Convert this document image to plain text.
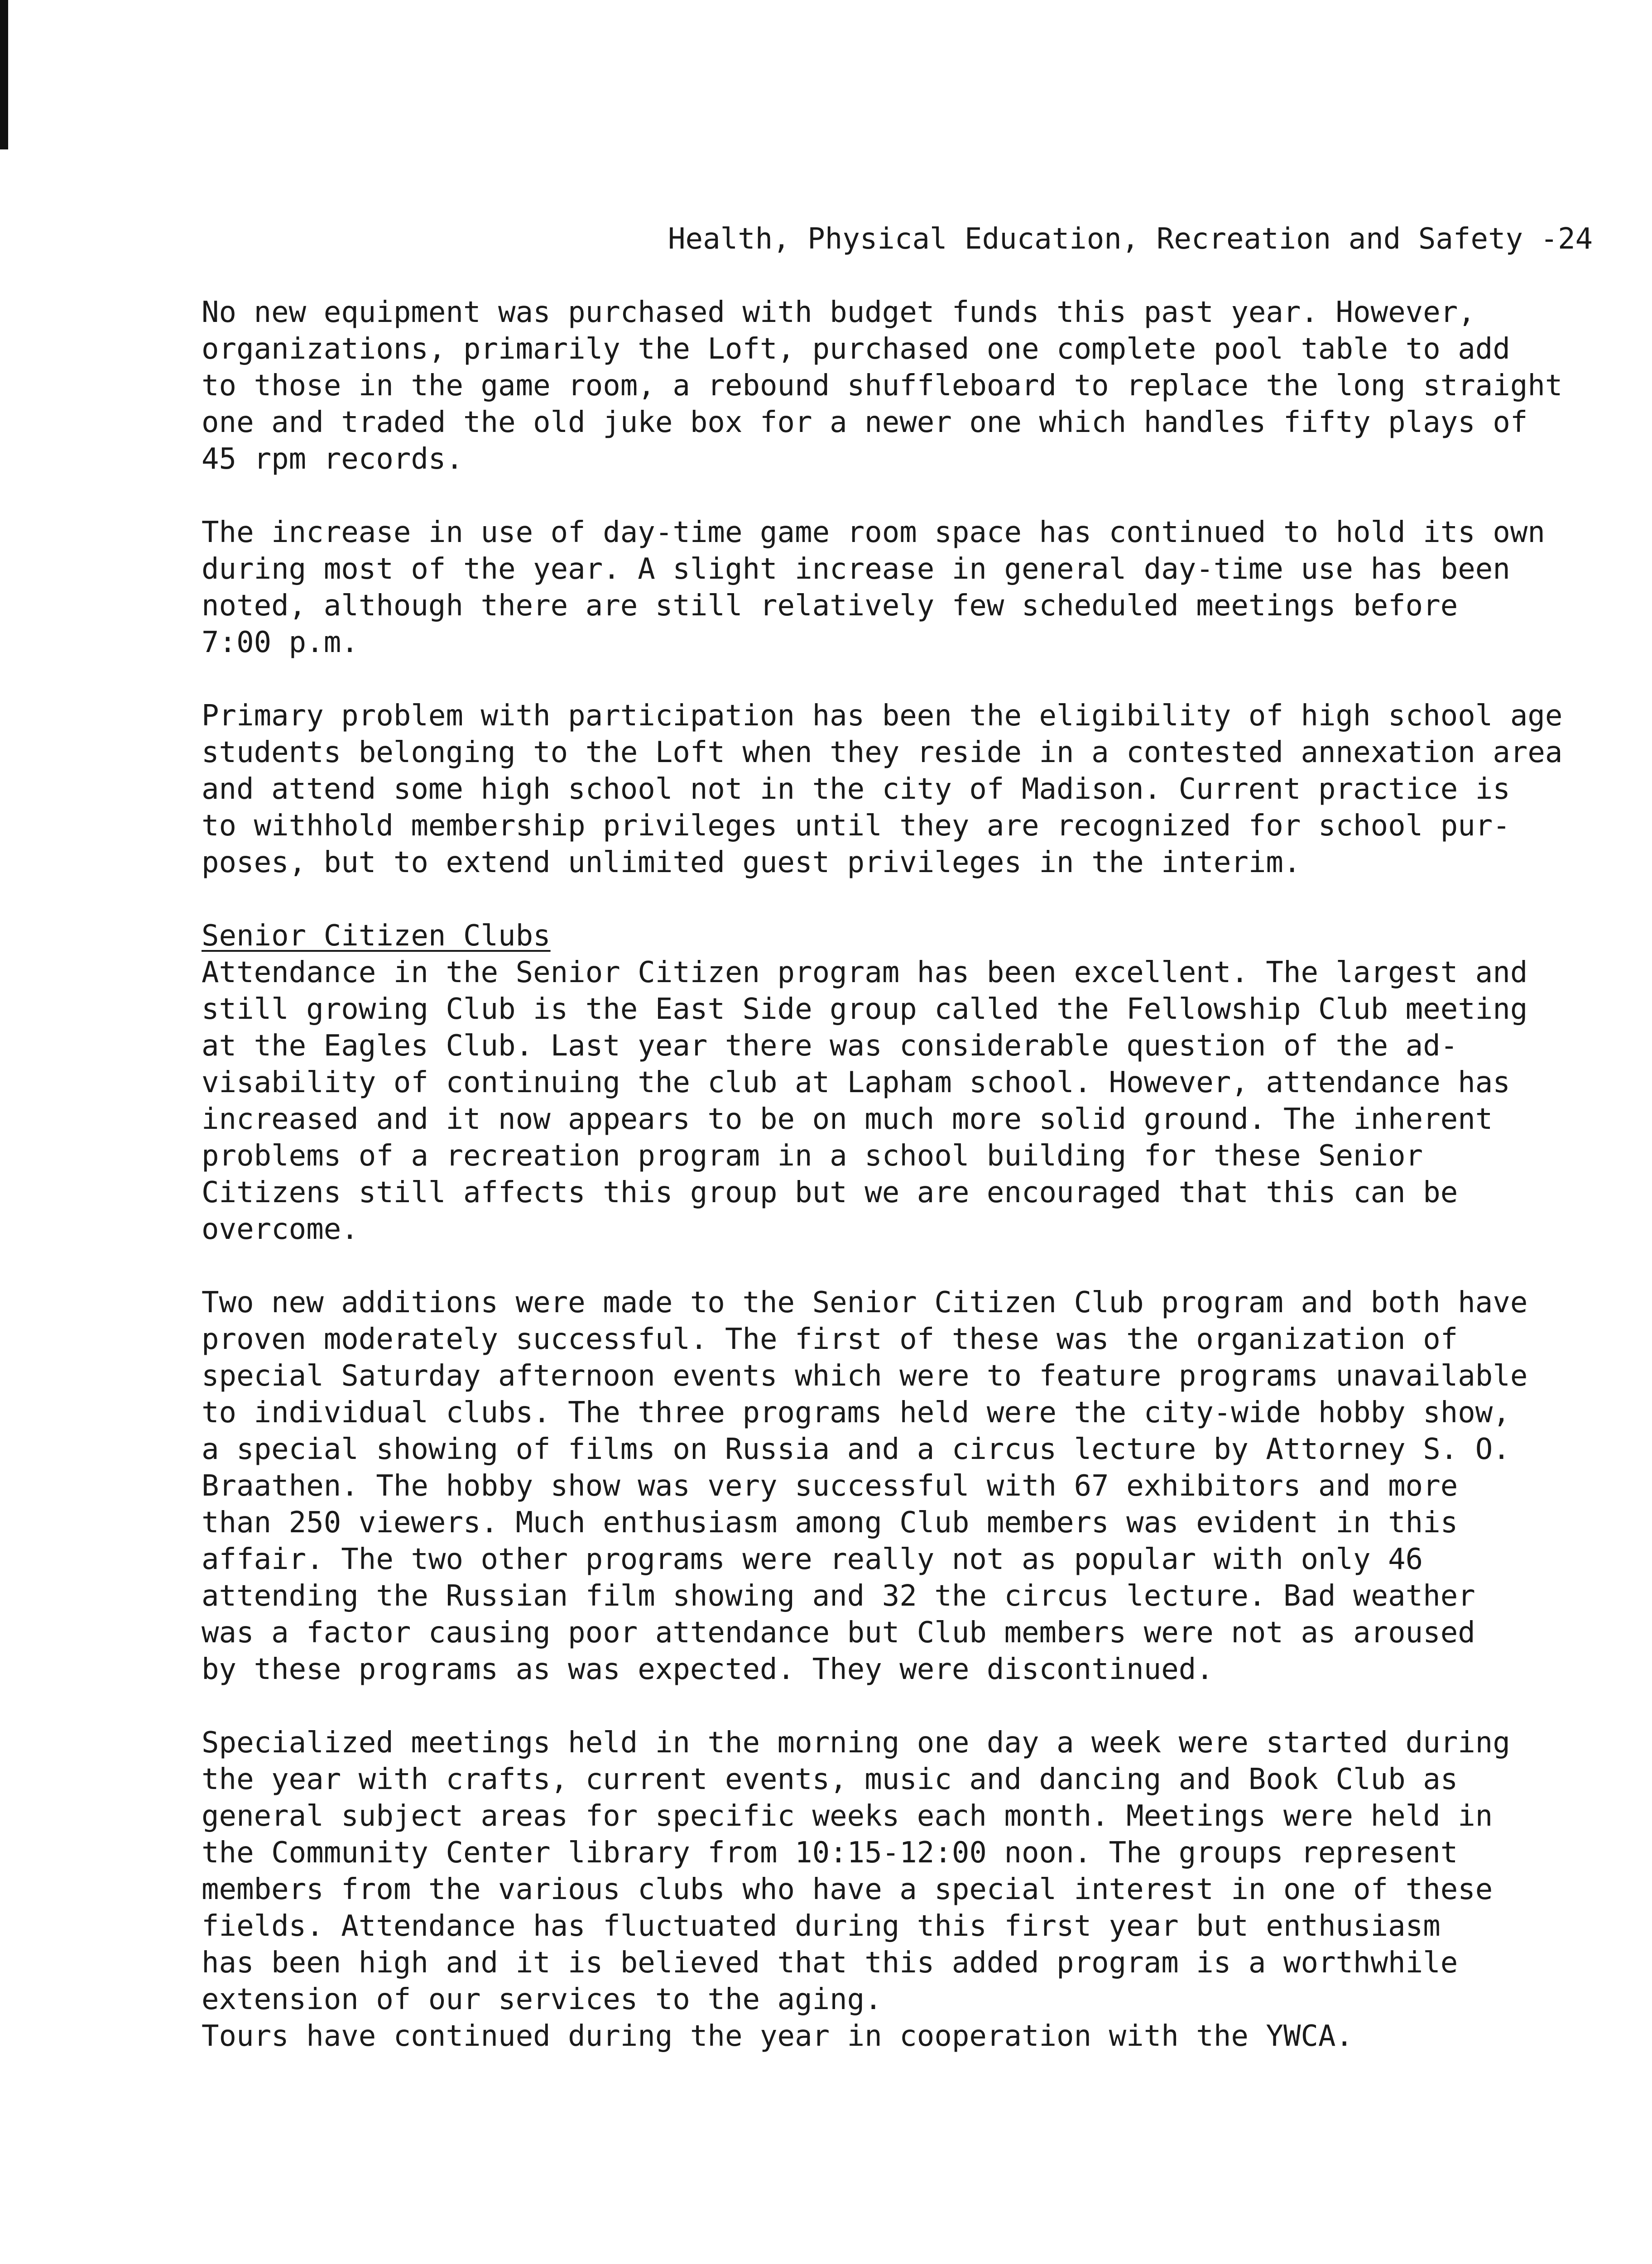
Health, Physical Education, Recreation and Safety -24
No new equipment was purchased with budget funds this past year. However,
organizations, primarily the Loft, purchased one complete pool table to add
to those in the game room, a rebound shuffleboard to replace the long straight
one and traded the old juke box for a newer one which handles fifty plays of
45 rpm records.
The increase in use of day-time game room space has continued to hold its own
during most of the year. A slight increase in general day-time use has been
noted, although there are still relatively few scheduled meetings before
7:00 p.m.
Primary problem with participation has been the eligibility of high school age
students belonging to the Loft when they reside in a contested annexation area
and attend some high school not in the city of Madison. Current practice is
to withhold membership privileges until they are recognized for school pur-
poses, but to extend unlimited guest privileges in the interim.
Senior Citizen Clubs
Attendance in the Senior Citizen program has been excellent. The largest and
still growing Club is the East Side group called the Fellowship Club meeting
at the Eagles Club. Last year there was considerable question of the ad-
visability of continuing the club at Lapham school. However, attendance has
increased and it now appears to be on much more solid ground. The inherent
problems of a recreation program in a school building for these Senior
Citizens still affects this group but we are encouraged that this can be
overcome.
Two new additions were made to the Senior Citizen Club program and both have
proven moderately successful. The first of these was the organization of
special Saturday afternoon events which were to feature programs unavailable
to individual clubs. The three programs held were the city-wide hobby show,
a special showing of films on Russia and a circus lecture by Attorney S. O.
Braathen. The hobby show was very successful with 67 exhibitors and more
than 250 viewers. Much enthusiasm among Club members was evident in this
affair. The two other programs were really not as popular with only 46
attending the Russian film showing and 32 the circus lecture. Bad weather
was a factor causing poor attendance but Club members were not as aroused
by these programs as was expected. They were discontinued.
Specialized meetings held in the morning one day a week were started during
the year with crafts, current events, music and dancing and Book Club as
general subject areas for specific weeks each month. Meetings were held in
the Community Center library from 10:15-12:00 noon. The groups represent
members from the various clubs who have a special interest in one of these
fields. Attendance has fluctuated during this first year but enthusiasm
has been high and it is believed that this added program is a worthwhile
extension of our services to the aging.
Tours have continued during the year in cooperation with the YWCA.
